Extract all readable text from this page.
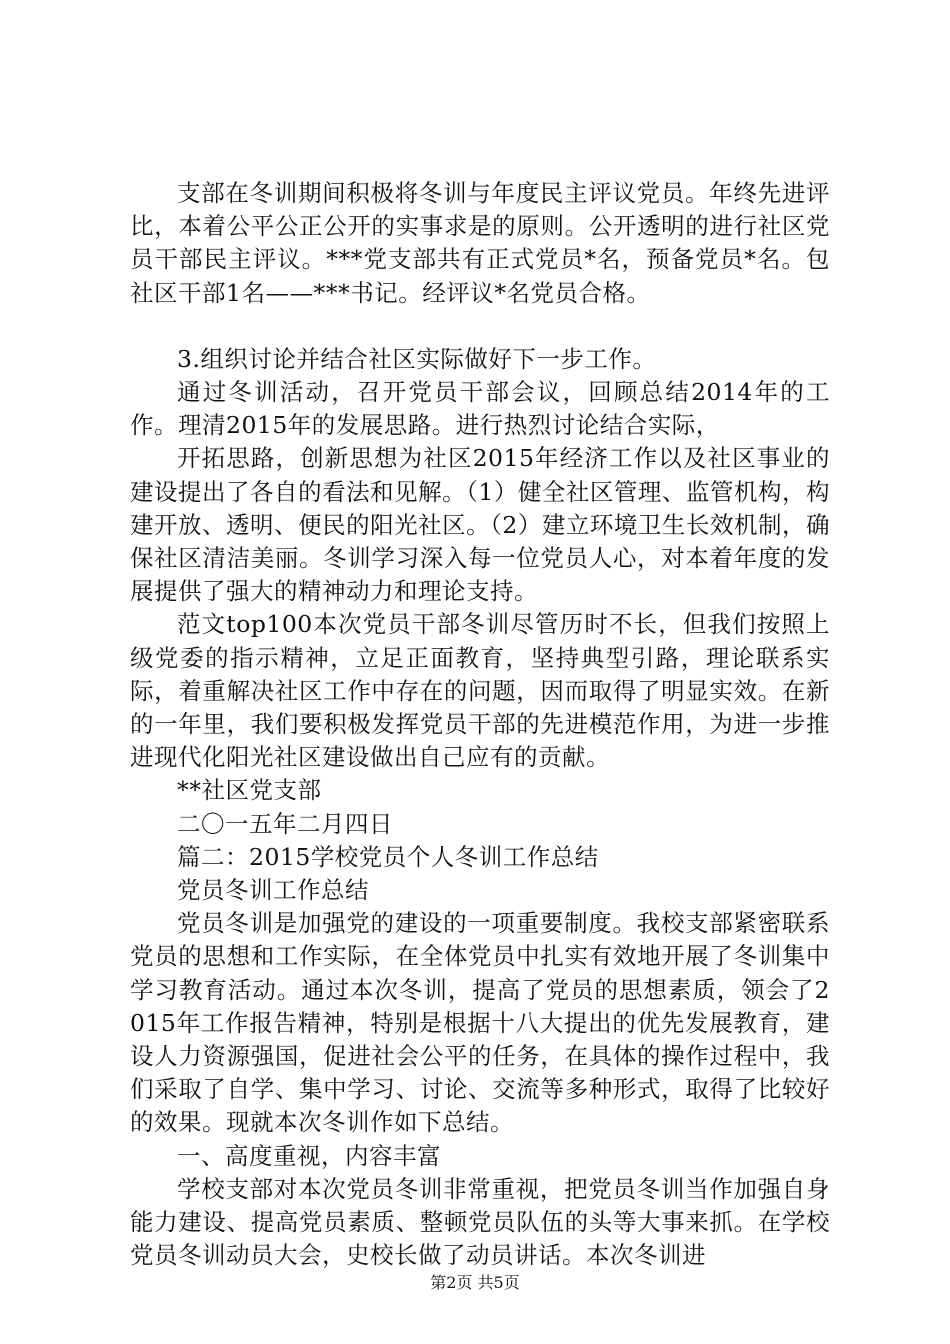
支部在冬训期间积极将冬训与年度民主评议党员。年终先进评比，本着公平公正公开的实事求是的原则。公开透明的进行社区党员干部民主评议。***党支部共有正式党员*名，预备党员*名。包社区干部1名——***书记。经评议*名党员合格。

3.组织讨论并结合社区实际做好下一步工作。

通过冬训活动，召开党员干部会议，回顾总结2014年的工作。理清2015年的发展思路。进行热烈讨论结合实际，

开拓思路，创新思想为社区2015年经济工作以及社区事业的建设提出了各自的看法和见解。（1）健全社区管理、监管机构，构建开放、透明、便民的阳光社区。（2）建立环境卫生长效机制，确保社区清洁美丽。冬训学习深入每一位党员人心，对本着年度的发展提供了强大的精神动力和理论支持。

范文top100本次党员干部冬训尽管历时不长，但我们按照上级党委的指示精神，立足正面教育，坚持典型引路，理论联系实际，着重解决社区工作中存在的问题，因而取得了明显实效。在新的一年里，我们要积极发挥党员干部的先进模范作用，为进一步推进现代化阳光社区建设做出自己应有的贡献。

**社区党支部

二〇一五年二月四日

篇二：2015学校党员个人冬训工作总结

党员冬训工作总结

党员冬训是加强党的建设的一项重要制度。我校支部紧密联系党员的思想和工作实际，在全体党员中扎实有效地开展了冬训集中学习教育活动。通过本次冬训，提高了党员的思想素质，领会了2015年工作报告精神，特别是根据十八大提出的优先发展教育，建设人力资源强国，促进社会公平的任务，在具体的操作过程中，我们采取了自学、集中学习、讨论、交流等多种形式，取得了比较好的效果。现就本次冬训作如下总结。

一、高度重视，内容丰富

学校支部对本次党员冬训非常重视，把党员冬训当作加强自身能力建设、提高党员素质、整顿党员队伍的头等大事来抓。在学校党员冬训动员大会，史校长做了动员讲话。本次冬训进

第2页 共5页
